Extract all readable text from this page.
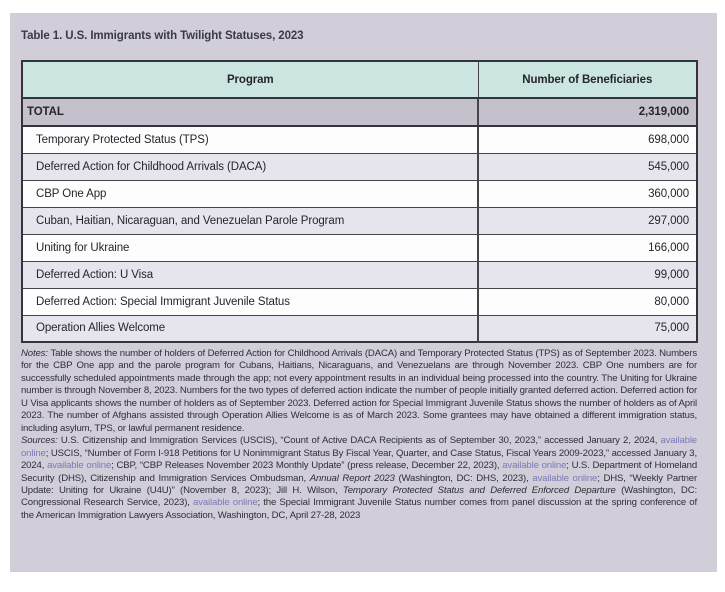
Table 1. U.S. Immigrants with Twilight Statuses, 2023
Program	Number of Beneficiaries
TOTAL	2,319,000
Temporary Protected Status (TPS)	698,000
Deferred Action for Childhood Arrivals (DACA)	545,000
CBP One App	360,000
Cuban, Haitian, Nicaraguan, and Venezuelan Parole Program	297,000
Uniting for Ukraine	166,000
Deferred Action: U Visa	99,000
Deferred Action: Special Immigrant Juvenile Status	80,000
Operation Allies Welcome	75,000

Notes: Table shows the number of holders of Deferred Action for Childhood Arrivals (DACA) and Temporary Protected Status (TPS) as of September 2023. Numbers for the CBP One app and the parole program for Cubans, Haitians, Nicaraguans, and Venezuelans are through November 2023. CBP One numbers are for successfully scheduled appointments made through the app; not every appointment results in an individual being processed into the country. The Uniting for Ukraine number is through November 8, 2023. Numbers for the two types of deferred action indicate the number of people initially granted deferred action. Deferred action for U Visa applicants shows the number of holders as of September 2023. Deferred action for Special Immigrant Juvenile Status shows the number of holders as of April 2023. The number of Afghans assisted through Operation Allies Welcome is as of March 2023. Some grantees may have obtained a different immigration status, including asylum, TPS, or lawful permanent residence.

Sources: U.S. Citizenship and Immigration Services (USCIS), “Count of Active DACA Recipients as of September 30, 2023,” accessed January 2, 2024, available online; USCIS, “Number of Form I-918 Petitions for U Nonimmigrant Status By Fiscal Year, Quarter, and Case Status, Fiscal Years 2009-2023,” accessed January 3, 2024, available online; CBP, “CBP Releases November 2023 Monthly Update” (press release, December 22, 2023), available online; U.S. Department of Homeland Security (DHS), Citizenship and Immigration Services Ombudsman, Annual Report 2023 (Washington, DC: DHS, 2023), available online; DHS, “Weekly Partner Update: Uniting for Ukraine (U4U)” (November 8, 2023); Jill H. Wilson, Temporary Protected Status and Deferred Enforced Departure (Washington, DC: Congressional Research Service, 2023), available online; the Special Immigrant Juvenile Status number comes from panel discussion at the spring conference of the American Immigration Lawyers Association, Washington, DC, April 27-28, 2023
